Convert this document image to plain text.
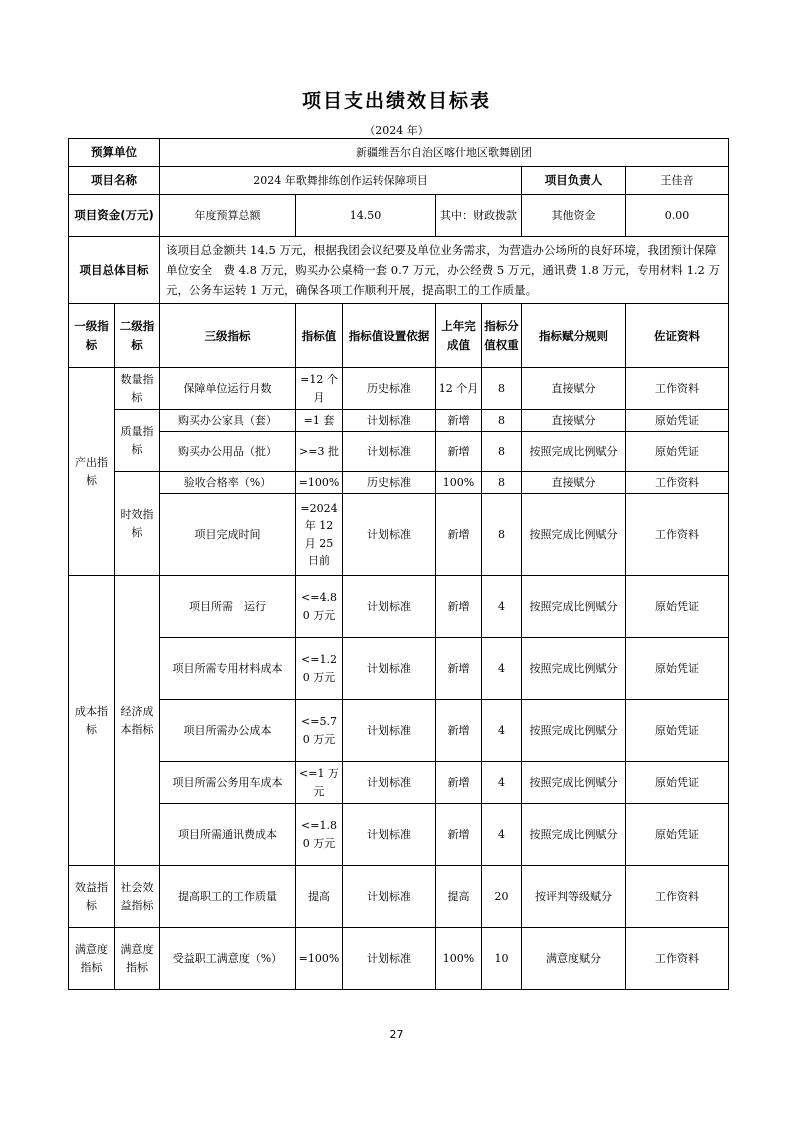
项目支出绩效目标表
（2024 年）
预算单位		新疆维吾尔自治区喀什地区歌舞剧团						
项目名称		2024 年歌舞排练创作运转保障项目					项目负责人	王佳音
项目资金(万元)		年度预算总额	14.50		其中：财政拨款		其他资金	0.00
项目总体目标		该项目总金额共 14.5 万元，根据我团会议纪要及单位业务需求，为营造办公场所的良好环境，我团预计保障单位安全　费 4.8 万元，购买办公桌椅一套 0.7 万元，办公经费 5 万元，通讯费 1.8 万元，专用材料 1.2 万元，公务车运转 1 万元，确保各项工作顺利开展，提高职工的工作质量。						
一级指标	二级指标	三级指标	指标值	指标值设置依据	上年完成值	指标分值权重	指标赋分规则	佐证资料
产出指标	数量指标	保障单位运行月数	=12 个月	历史标准	12 个月	8	直接赋分	工作资料
	质量指标	购买办公家具（套）	=1 套	计划标准	新增	8	直接赋分	原始凭证
		购买办公用品（批）	>=3 批	计划标准	新增	8	按照完成比例赋分	原始凭证
	时效指标	验收合格率（%）	=100%	历史标准	100%	8	直接赋分	工作资料
		项目完成时间	=2024 年 12 月 25 日前	计划标准	新增	8	按照完成比例赋分	工作资料
成本指标	经济成本指标	项目所需　运行	<=4.80 万元	计划标准	新增	4	按照完成比例赋分	原始凭证
		项目所需专用材料成本	<=1.20 万元	计划标准	新增	4	按照完成比例赋分	原始凭证
		项目所需办公成本	<=5.70 万元	计划标准	新增	4	按照完成比例赋分	原始凭证
		项目所需公务用车成本	<=1 万元	计划标准	新增	4	按照完成比例赋分	原始凭证
		项目所需通讯费成本	<=1.80 万元	计划标准	新增	4	按照完成比例赋分	原始凭证
效益指标	社会效益指标	提高职工的工作质量	提高	计划标准	提高	20	按评判等级赋分	工作资料
满意度指标	满意度指标	受益职工满意度（%）	=100%	计划标准	100%	10	满意度赋分	工作资料
27
